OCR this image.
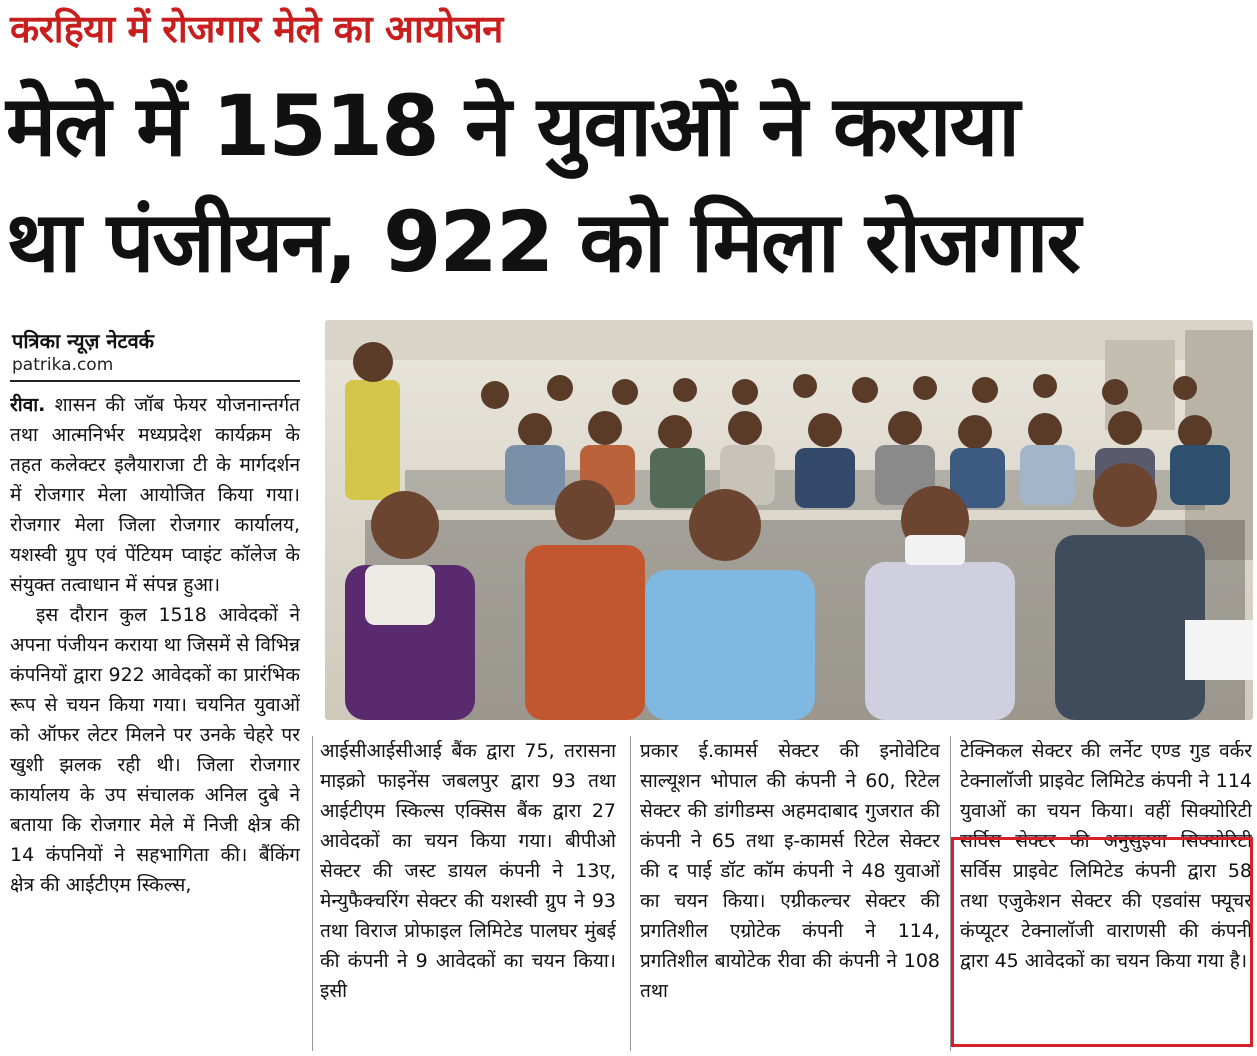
करहिया में रोजगार मेले का आयोजन
मेले में 1518 ने युवाओं ने कराया
था पंजीयन, 922 को मिला रोजगार
पत्रिका न्यूज़ नेटवर्क
patrika.com

रीवा. शासन की जॉब फेयर योजनान्तर्गत तथा आत्मनिर्भर मध्यप्रदेश कार्यक्रम के तहत कलेक्टर इलैयाराजा टी के मार्गदर्शन में रोजगार मेला आयोजित किया गया। रोजगार मेला जिला रोजगार कार्यालय, यशस्वी ग्रुप एवं पेंटियम प्वाइंट कॉलेज के संयुक्त तत्वाधान में संपन्न हुआ।

इस दौरान कुल 1518 आवेदकों ने अपना पंजीयन कराया था जिसमें से विभिन्न कंपनियों द्वारा 922 आवेदकों का प्रारंभिक रूप से चयन किया गया। चयनित युवाओं को ऑफर लेटर मिलने पर उनके चेहरे पर खुशी झलक रही थी। जिला रोजगार कार्यालय के उप संचालक अनिल दुबे ने बताया कि रोजगार मेले में निजी क्षेत्र की 14 कंपनियों ने सहभागिता की। बैंकिंग क्षेत्र की आईटीएम स्किल्स,

आईसीआईसीआई बैंक द्वारा 75, तरासना माइक्रो फाइनेंस जबलपुर द्वारा 93 तथा आईटीएम स्किल्स एक्सिस बैंक द्वारा 27 आवेदकों का चयन किया गया। बीपीओ सेक्टर की जस्ट डायल कंपनी ने 13ए, मेन्युफैक्चरिंग सेक्टर की यशस्वी ग्रुप ने 93 तथा विराज प्रोफाइल लिमिटेड पालघर मुंबई की कंपनी ने 9 आवेदकों का चयन किया। इसी
प्रकार ई.कामर्स सेक्टर की इनोवेटिव साल्यूशन भोपाल की कंपनी ने 60, रिटेल सेक्टर की डांगीडम्स अहमदाबाद गुजरात की कंपनी ने 65 तथा इ-कामर्स रिटेल सेक्टर की द पाई डॉट कॉम कंपनी ने 48 युवाओं का चयन किया। एग्रीकल्चर सेक्टर की प्रगतिशील एग्रोटेक कंपनी ने 114, प्रगतिशील बायोटेक रीवा की कंपनी ने 108 तथा
टेक्निकल सेक्टर की लर्नेट एण्ड गुड वर्कर टेक्नालॉजी प्राइवेट लिमिटेड कंपनी ने 114 युवाओं का चयन किया। वहीं सिक्योरिटी सर्विस सेक्टर की अनुसुइया सिक्योरिटी सर्विस प्राइवेट लिमिटेड कंपनी द्वारा 58 तथा एजुकेशन सेक्टर की एडवांस फ्यूचर कंप्यूटर टेक्नालॉजी वाराणसी की कंपनी द्वारा 45 आवेदकों का चयन किया गया है।
